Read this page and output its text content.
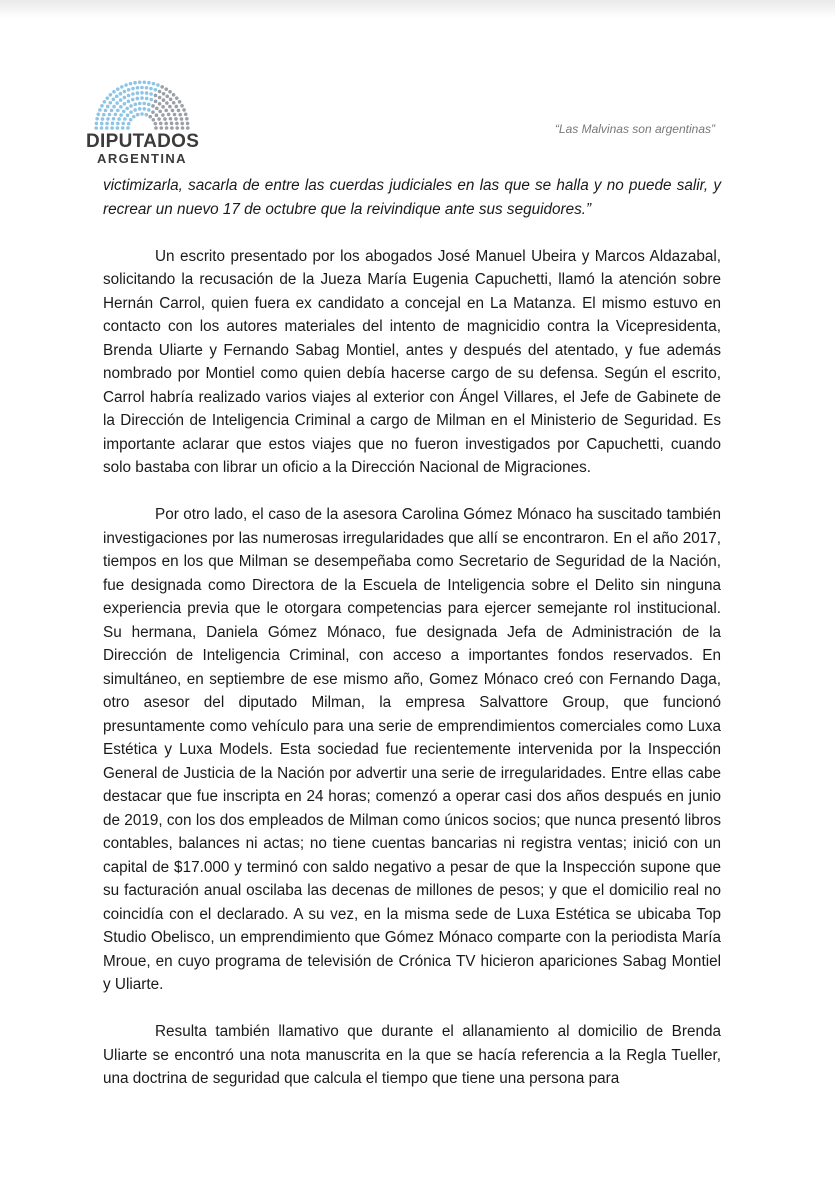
DIPUTADOS
ARGENTINA
“Las Malvinas son argentinas”

victimizarla, sacarla de entre las cuerdas judiciales en las que se halla y no puede salir, y recrear un nuevo 17 de octubre que la reivindique ante sus seguidores.”

Un escrito presentado por los abogados José Manuel Ubeira y Marcos Aldazabal, solicitando la recusación de la Jueza María Eugenia Capuchetti, llamó la atención sobre Hernán Carrol, quien fuera ex candidato a concejal en La Matanza. El mismo estuvo en contacto con los autores materiales del intento de magnicidio contra la Vicepresidenta, Brenda Uliarte y Fernando Sabag Montiel, antes y después del atentado, y fue además nombrado por Montiel como quien debía hacerse cargo de su defensa. Según el escrito, Carrol habría realizado varios viajes al exterior con Ángel Villares, el Jefe de Gabinete de la Dirección de Inteligencia Criminal a cargo de Milman en el Ministerio de Seguridad. Es importante aclarar que estos viajes que no fueron investigados por Capuchetti, cuando solo bastaba con librar un oficio a la Dirección Nacional de Migraciones.

Por otro lado, el caso de la asesora Carolina Gómez Mónaco ha suscitado también investigaciones por las numerosas irregularidades que allí se encontraron. En el año 2017, tiempos en los que Milman se desempeñaba como Secretario de Seguridad de la Nación, fue designada como Directora de la Escuela de Inteligencia sobre el Delito sin ninguna experiencia previa que le otorgara competencias para ejercer semejante rol institucional. Su hermana, Daniela Gómez Mónaco, fue designada Jefa de Administración de la Dirección de Inteligencia Criminal, con acceso a importantes fondos reservados. En simultáneo, en septiembre de ese mismo año, Gomez Mónaco creó con Fernando Daga, otro asesor del diputado Milman, la empresa Salvattore Group, que funcionó presuntamente como vehículo para una serie de emprendimientos comerciales como Luxa Estética y Luxa Models. Esta sociedad fue recientemente intervenida por la Inspección General de Justicia de la Nación por advertir una serie de irregularidades. Entre ellas cabe destacar que fue inscripta en 24 horas; comenzó a operar casi dos años después en junio de 2019, con los dos empleados de Milman como únicos socios; que nunca presentó libros contables, balances ni actas; no tiene cuentas bancarias ni registra ventas; inició con un capital de $17.000 y terminó con saldo negativo a pesar de que la Inspección supone que su facturación anual oscilaba las decenas de millones de pesos; y que el domicilio real no coincidía con el declarado. A su vez, en la misma sede de Luxa Estética se ubicaba Top Studio Obelisco, un emprendimiento que Gómez Mónaco comparte con la periodista María Mroue, en cuyo programa de televisión de Crónica TV hicieron apariciones Sabag Montiel y Uliarte.

Resulta también llamativo que durante el allanamiento al domicilio de Brenda Uliarte se encontró una nota manuscrita en la que se hacía referencia a la Regla Tueller, una doctrina de seguridad que calcula el tiempo que tiene una persona para
